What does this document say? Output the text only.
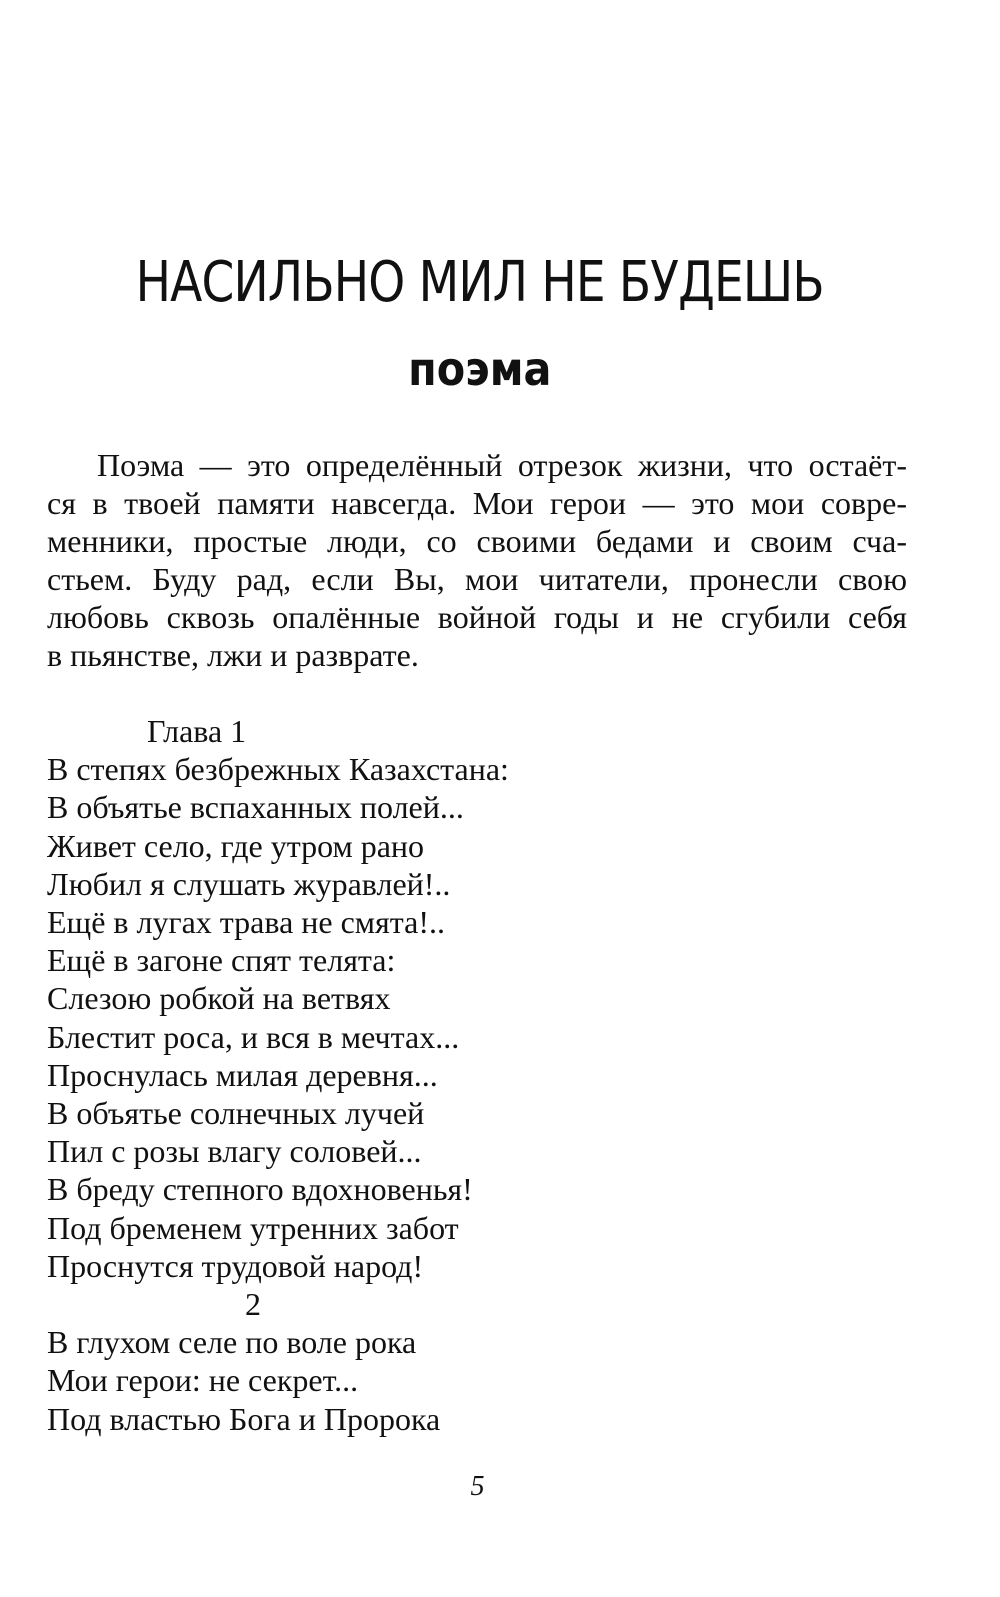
НАСИЛЬНО МИЛ НЕ БУДЕШЬ
поэма
Поэма — это определённый отрезок жизни, что остаёт-
ся в твоей памяти навсегда. Мои герои — это мои совре-
менники, простые люди, со своими бедами и своим сча-
стьем. Буду рад, если Вы, мои читатели, пронесли свою
любовь сквозь опалённые войной годы и не сгубили себя
в пьянстве, лжи и разврате.
Глава 1
В степях безбрежных Казахстана:
В объятье вспаханных полей...
Живет село, где утром рано
Любил я слушать журавлей!..
Ещё в лугах трава не смята!..
Ещё в загоне спят телята:
Слезою робкой на ветвях
Блестит роса, и вся в мечтах...
Проснулась милая деревня...
В объятье солнечных лучей
Пил с розы влагу соловей...
В бреду степного вдохновенья!
Под бременем утренних забот
Проснутся трудовой народ!
2
В глухом селе по воле рока
Мои герои: не секрет...
Под властью Бога и Пророка
5
